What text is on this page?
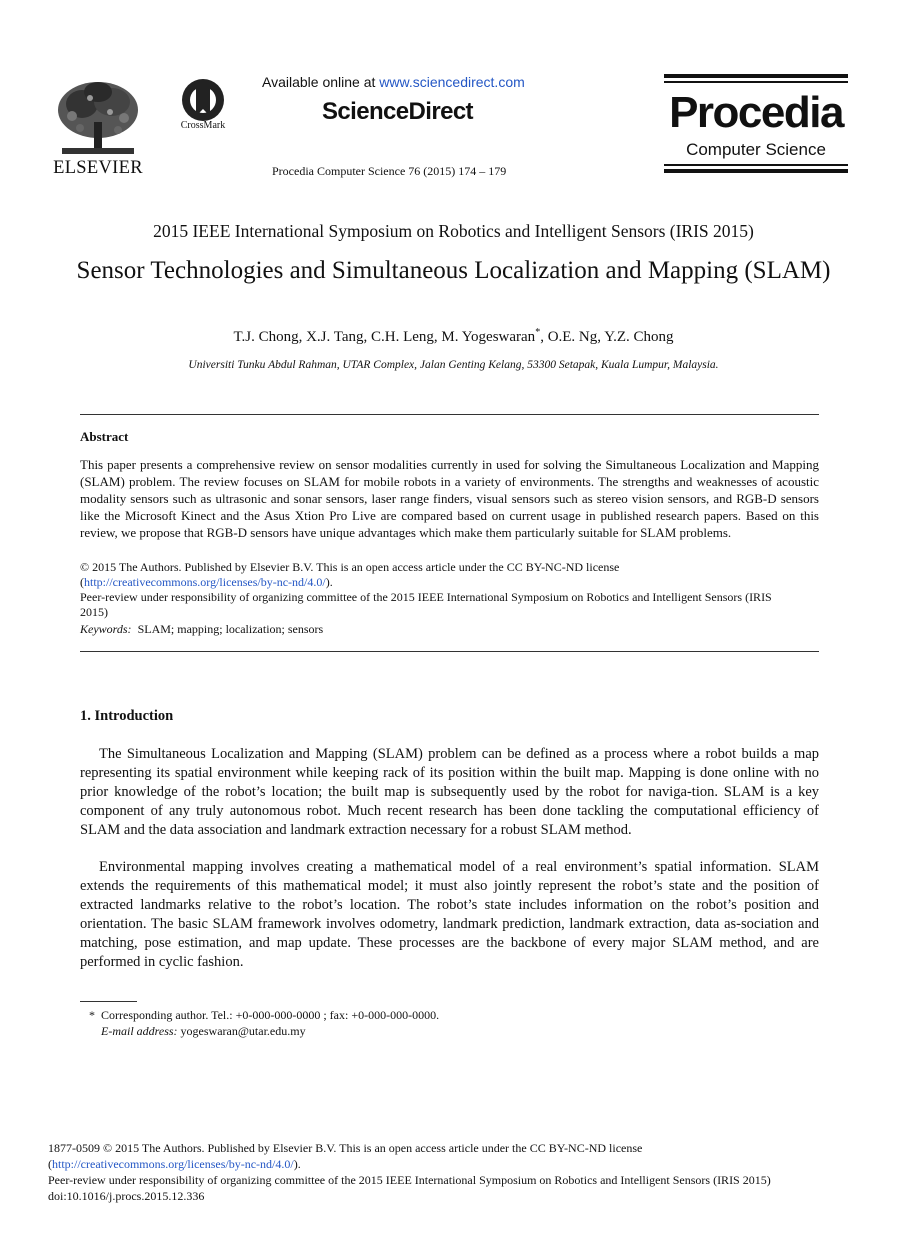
ELSEVIER
CrossMark
Available online at www.sciencedirect.com
ScienceDirect
Procedia Computer Science 76 (2015) 174 – 179
Procedia
Computer Science
2015 IEEE International Symposium on Robotics and Intelligent Sensors (IRIS 2015)
Sensor Technologies and Simultaneous Localization and Mapping (SLAM)
T.J. Chong, X.J. Tang, C.H. Leng, M. Yogeswaran*, O.E. Ng, Y.Z. Chong
Universiti Tunku Abdul Rahman, UTAR Complex, Jalan Genting Kelang, 53300 Setapak, Kuala Lumpur, Malaysia.
Abstract
This paper presents a comprehensive review on sensor modalities currently in used for solving the Simultaneous Localization and Mapping (SLAM) problem. The review focuses on SLAM for mobile robots in a variety of environments. The strengths and weaknesses of acoustic modality sensors such as ultrasonic and sonar sensors, laser range finders, visual sensors such as stereo vision sensors, and RGB-D sensors like the Microsoft Kinect and the Asus Xtion Pro Live are compared based on current usage in published research papers. Based on this review, we propose that RGB-D sensors have unique advantages which make them particularly suitable for SLAM problems.
© 2015 The Authors. Published by Elsevier B.V. This is an open access article under the CC BY-NC-ND license
(http://creativecommons.org/licenses/by-nc-nd/4.0/).
Peer-review under responsibility of organizing committee of the 2015 IEEE International Symposium on Robotics and Intelligent Sensors (IRIS 2015)
Keywords: SLAM; mapping; localization; sensors
1. Introduction
The Simultaneous Localization and Mapping (SLAM) problem can be defined as a process where a robot builds a map representing its spatial environment while keeping rack of its position within the built map. Mapping is done online with no prior knowledge of the robot’s location; the built map is subsequently used by the robot for naviga-tion. SLAM is a key component of any truly autonomous robot. Much recent research has been done tackling the computational efficiency of SLAM and the data association and landmark extraction necessary for a robust SLAM method.
Environmental mapping involves creating a mathematical model of a real environment’s spatial information. SLAM extends the requirements of this mathematical model; it must also jointly represent the robot’s state and the position of extracted landmarks relative to the robot’s location. The robot’s state includes information on the robot’s position and orientation. The basic SLAM framework involves odometry, landmark prediction, landmark extraction, data as-sociation and matching, pose estimation, and map update. These processes are the backbone of every major SLAM method, and are performed in cyclic fashion.
* Corresponding author. Tel.: +0-000-000-0000 ; fax: +0-000-000-0000.
E-mail address: yogeswaran@utar.edu.my
1877-0509 © 2015 The Authors. Published by Elsevier B.V. This is an open access article under the CC BY-NC-ND license
(http://creativecommons.org/licenses/by-nc-nd/4.0/).
Peer-review under responsibility of organizing committee of the 2015 IEEE International Symposium on Robotics and Intelligent Sensors (IRIS 2015)
doi:10.1016/j.procs.2015.12.336
